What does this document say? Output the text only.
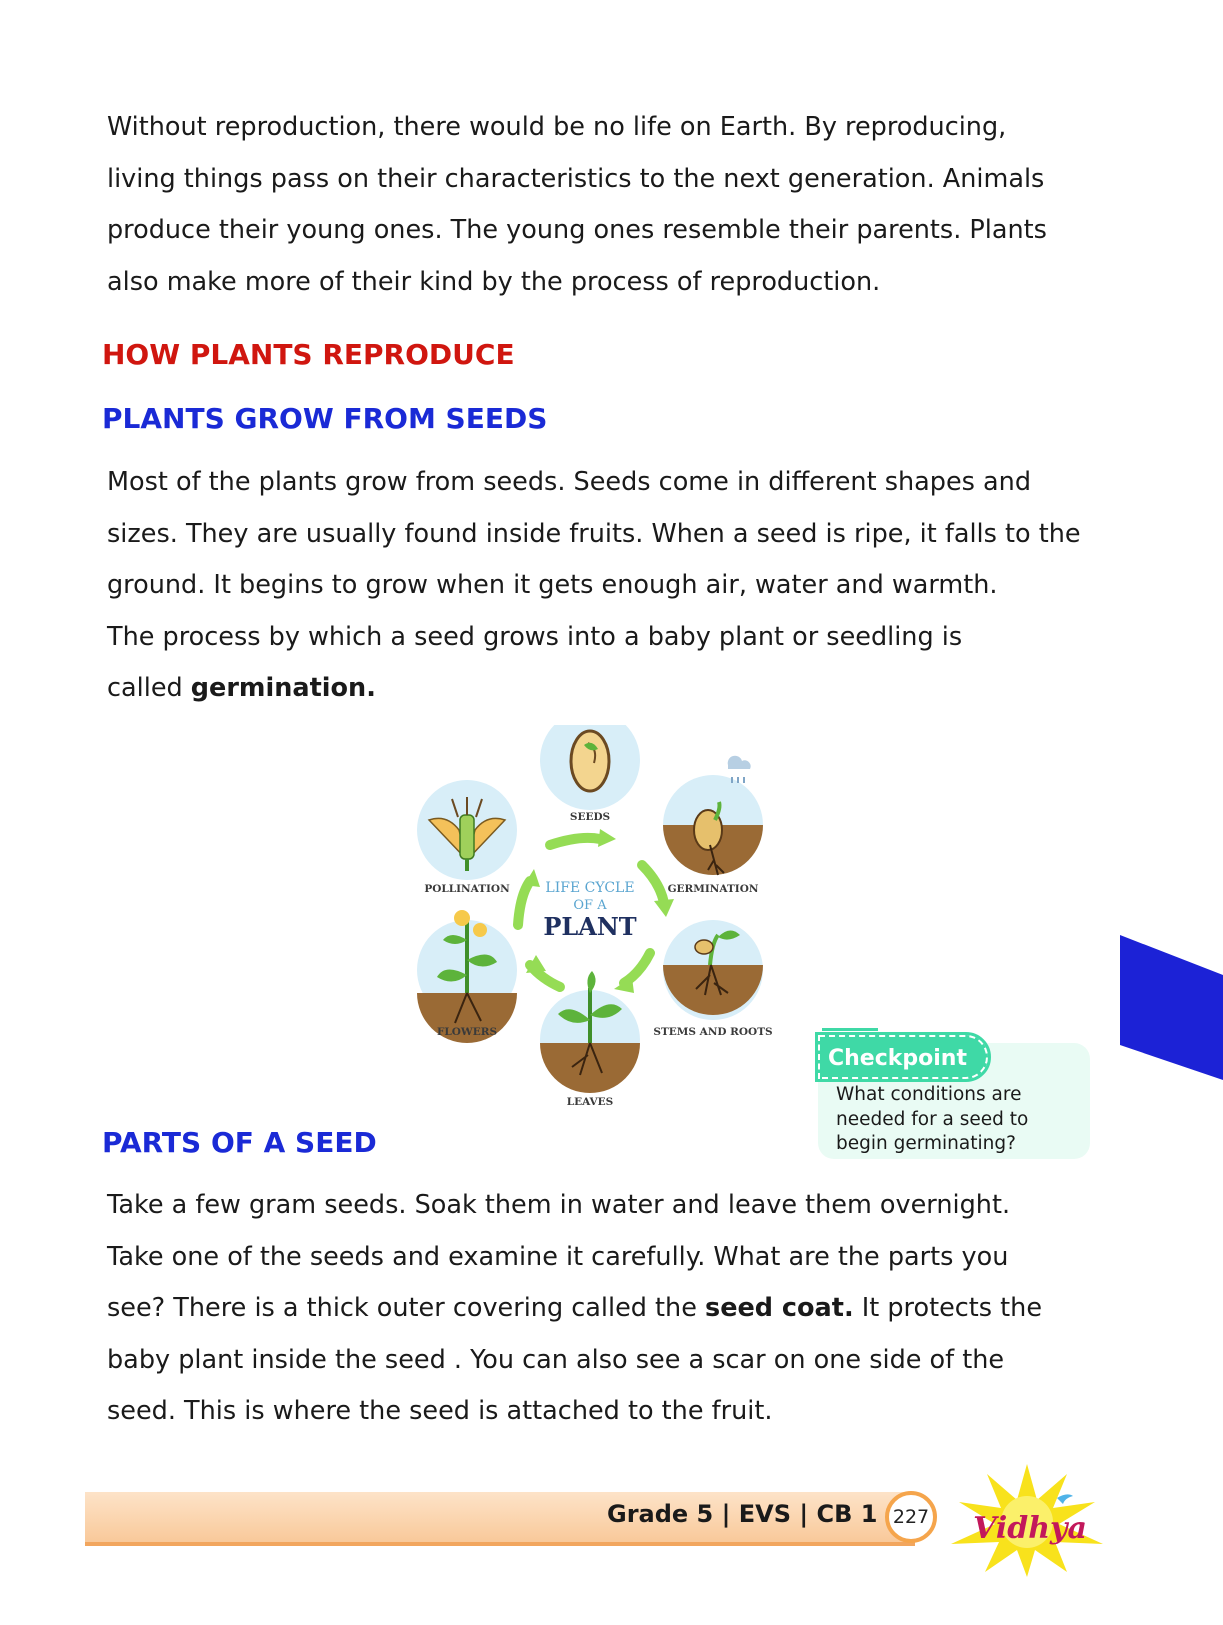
Without reproduction, there would be no life on Earth. By reproducing,
living things pass on their characteristics to the next generation. Animals
produce their young ones. The young ones resemble their parents. Plants
also make more of their kind by the process of reproduction.
HOW PLANTS REPRODUCE
PLANTS GROW FROM SEEDS
Most of the plants grow from seeds. Seeds come in different shapes and
sizes. They are usually found inside fruits. When a seed is ripe, it falls to the
ground. It begins to grow when it gets enough air, water and warmth.
The process by which a seed grows into a baby plant or seedling is
called germination.
SEEDS
GERMINATION
STEMS AND ROOTS
LEAVES
FLOWERS
POLLINATION	LIFE CYCLE
OF A
PLANT
Checkpoint
What conditions are
needed for a seed to
begin germinating?
PARTS OF A SEED
Take a few gram seeds. Soak them in water and leave them overnight.
Take one of the seeds and examine it carefully. What are the parts you
see? There is a thick outer covering called the seed coat. It protects the
baby plant inside the seed . You can also see a scar on one side of the
seed. This is where the seed is attached to the fruit.
Grade 5 | EVS | CB 1 227 Vidhya
